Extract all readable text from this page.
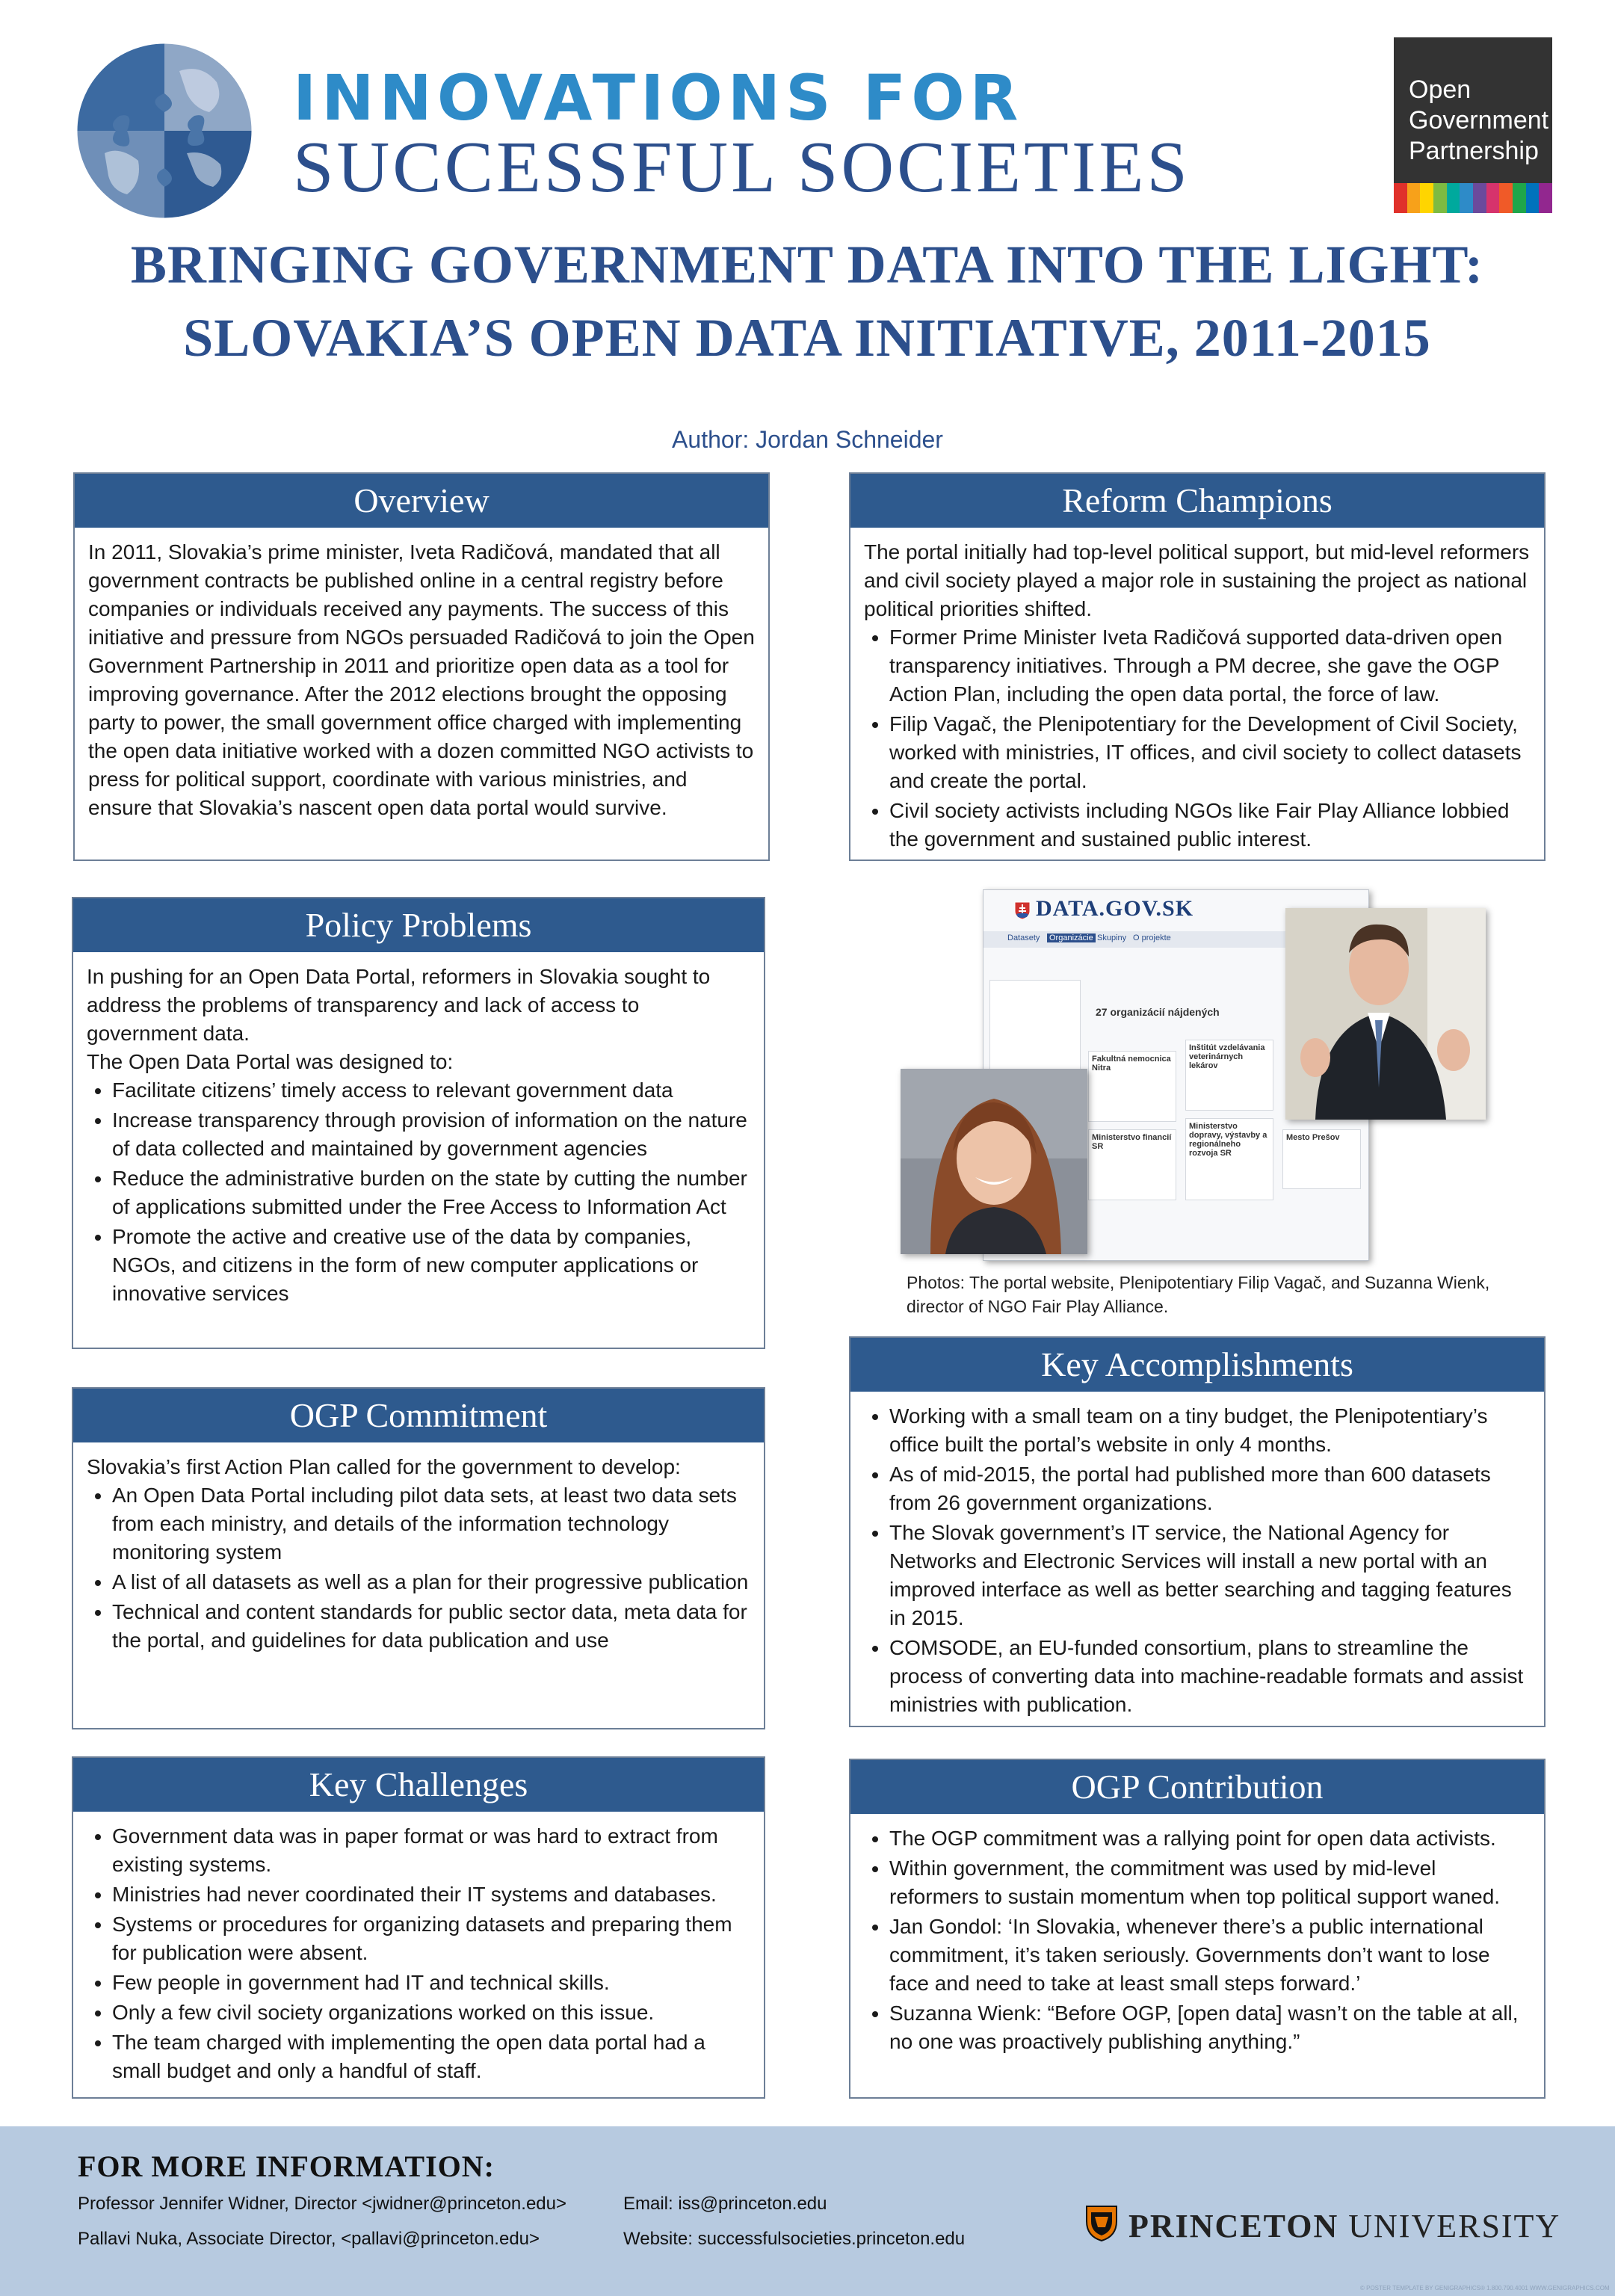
INNOVATIONS FOR
SUCCESSFUL SOCIETIES
Open Government Partnership
BRINGING GOVERNMENT DATA INTO THE LIGHT: SLOVAKIA’S OPEN DATA INITIATIVE, 2011-2015
Author: Jordan Schneider
Overview

In 2011, Slovakia’s prime minister, Iveta Radičová, mandated that all government contracts be published online in a central registry before companies or individuals received any payments. The success of this initiative and pressure from NGOs persuaded Radičová to join the Open Government Partnership in 2011 and prioritize open data as a tool for improving governance. After the 2012 elections brought the opposing party to power, the small government office charged with implementing the open data initiative worked with a dozen committed NGO activists to press for political support, coordinate with various ministries, and ensure that Slovakia’s nascent open data portal would survive.

Policy Problems

In pushing for an Open Data Portal, reformers in Slovakia sought to address the problems of transparency and lack of access to government data.

The Open Data Portal was designed to:

• Facilitate citizens’ timely access to relevant government data
• Increase transparency through provision of information on the nature of data collected and maintained by government agencies
• Reduce the administrative burden on the state by cutting the number of applications submitted under the Free Access to Information Act
• Promote the active and creative use of the data by companies, NGOs, and citizens in the form of new computer applications or innovative services
OGP Commitment

Slovakia’s first Action Plan called for the government to develop:

• An Open Data Portal including pilot data sets, at least two data sets from each ministry, and details of the information technology monitoring system
• A list of all datasets as well as a plan for their progressive publication
• Technical and content standards for public sector data, meta data for the portal, and guidelines for data publication and use
Key Challenges
• Government data was in paper format or was hard to extract from existing systems.
• Ministries had never coordinated their IT systems and databases.
• Systems or procedures for organizing datasets and preparing them for publication were absent.
• Few people in government had IT and technical skills.
• Only a few civil society organizations worked on this issue.
• The team charged with implementing the open data portal had a small budget and only a handful of staff.
Reform Champions

The portal initially had top-level political support, but mid-level reformers and civil society played a major role in sustaining the project as national political priorities shifted.

• Former Prime Minister Iveta Radičová supported data-driven open transparency initiatives. Through a PM decree, she gave the OGP Action Plan, including the open data portal, the force of law.
• Filip Vagač, the Plenipotentiary for the Development of Civil Society, worked with ministries, IT offices, and civil society to collect datasets and create the portal.
• Civil society activists including NGOs like Fair Play Alliance lobbied the government and sustained public interest.
DATA.GOV.SK
Datasety Organizácie Skupiny O projekte
27 organizácií nájdených
Fakultná nemocnica Nitra
Inštitút vzdelávania veterinárnych lekárov
Ministerstvo financií SR
Ministerstvo dopravy, výstavby a regionálneho rozvoja SR
Mesto Prešov
Photos: The portal website, Plenipotentiary Filip Vagač, and Suzanna Wienk, director of NGO Fair Play Alliance.
Key Accomplishments
• Working with a small team on a tiny budget, the Plenipotentiary’s office built the portal’s website in only 4 months.
• As of mid-2015, the portal had published more than 600 datasets from 26 government organizations.
• The Slovak government’s IT service, the National Agency for Networks and Electronic Services will install a new portal with an improved interface as well as better searching and tagging features in 2015.
• COMSODE, an EU-funded consortium, plans to streamline the process of converting data into machine-readable formats and assist ministries with publication.
OGP Contribution
• The OGP commitment was a rallying point for open data activists.
• Within government, the commitment was used by mid-level reformers to sustain momentum when top political support waned.
• Jan Gondol: ‘In Slovakia, whenever there’s a public international commitment, it’s taken seriously. Governments don’t want to lose face and need to take at least small steps forward.’
• Suzanna Wienk: “Before OGP, [open data] wasn’t on the table at all, no one was proactively publishing anything.”
FOR MORE INFORMATION:
Professor Jennifer Widner, Director <jwidner@princeton.edu>
Pallavi Nuka, Associate Director, <pallavi@princeton.edu>
Email: iss@princeton.edu
Website: successfulsocieties.princeton.edu	PRINCETON UNIVERSITY
© POSTER TEMPLATE BY GENIGRAPHICS® 1.800.790.4001 WWW.GENIGRAPHICS.COM
